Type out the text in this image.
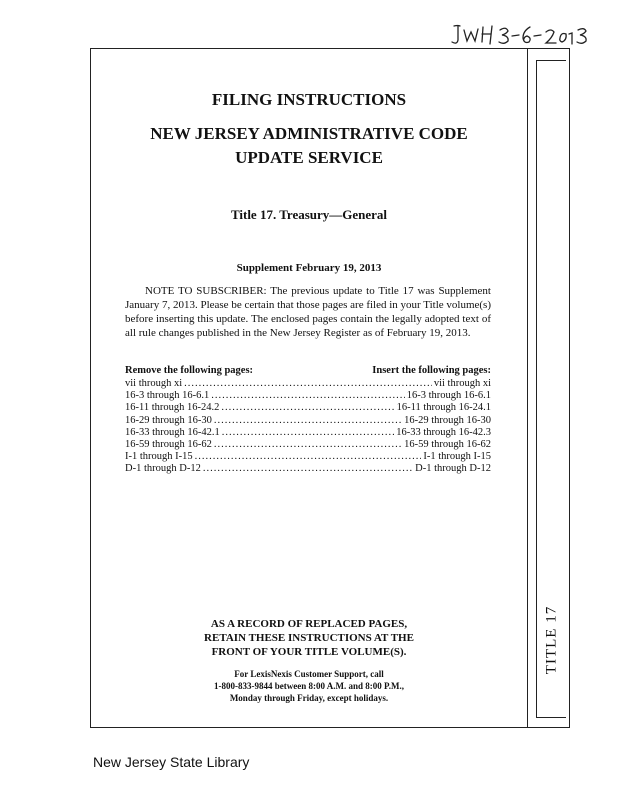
TITLE 17
FILING INSTRUCTIONS
NEW JERSEY ADMINISTRATIVE CODE
UPDATE SERVICE
Title 17. Treasury—General
Supplement February 19, 2013
NOTE TO SUBSCRIBER: The previous update to Title 17 was Supplement January 7, 2013. Please be certain that those pages are filed in your Title volume(s) before inserting this update. The enclosed pages contain the legally adopted text of all rule changes published in the New Jersey Register as of February 19, 2013.
Remove the following pages:	Insert the following pages:
vii through xi .....	vii through xi
16-3 through 16-6.1 .....	16-3 through 16-6.1
16-11 through 16-24.2 .....	16-11 through 16-24.1
16-29 through 16-30 .....	16-29 through 16-30
16-33 through 16-42.1 .....	16-33 through 16-42.3
16-59 through 16-62 .....	16-59 through 16-62
I-1 through I-15 .....	I-1 through I-15
D-1 through D-12 .....	D-1 through D-12
AS A RECORD OF REPLACED PAGES,
RETAIN THESE INSTRUCTIONS AT THE
FRONT OF YOUR TITLE VOLUME(S).
For LexisNexis Customer Support, call
1-800-833-9844 between 8:00 A.M. and 8:00 P.M.,
Monday through Friday, except holidays.
New Jersey State Library
